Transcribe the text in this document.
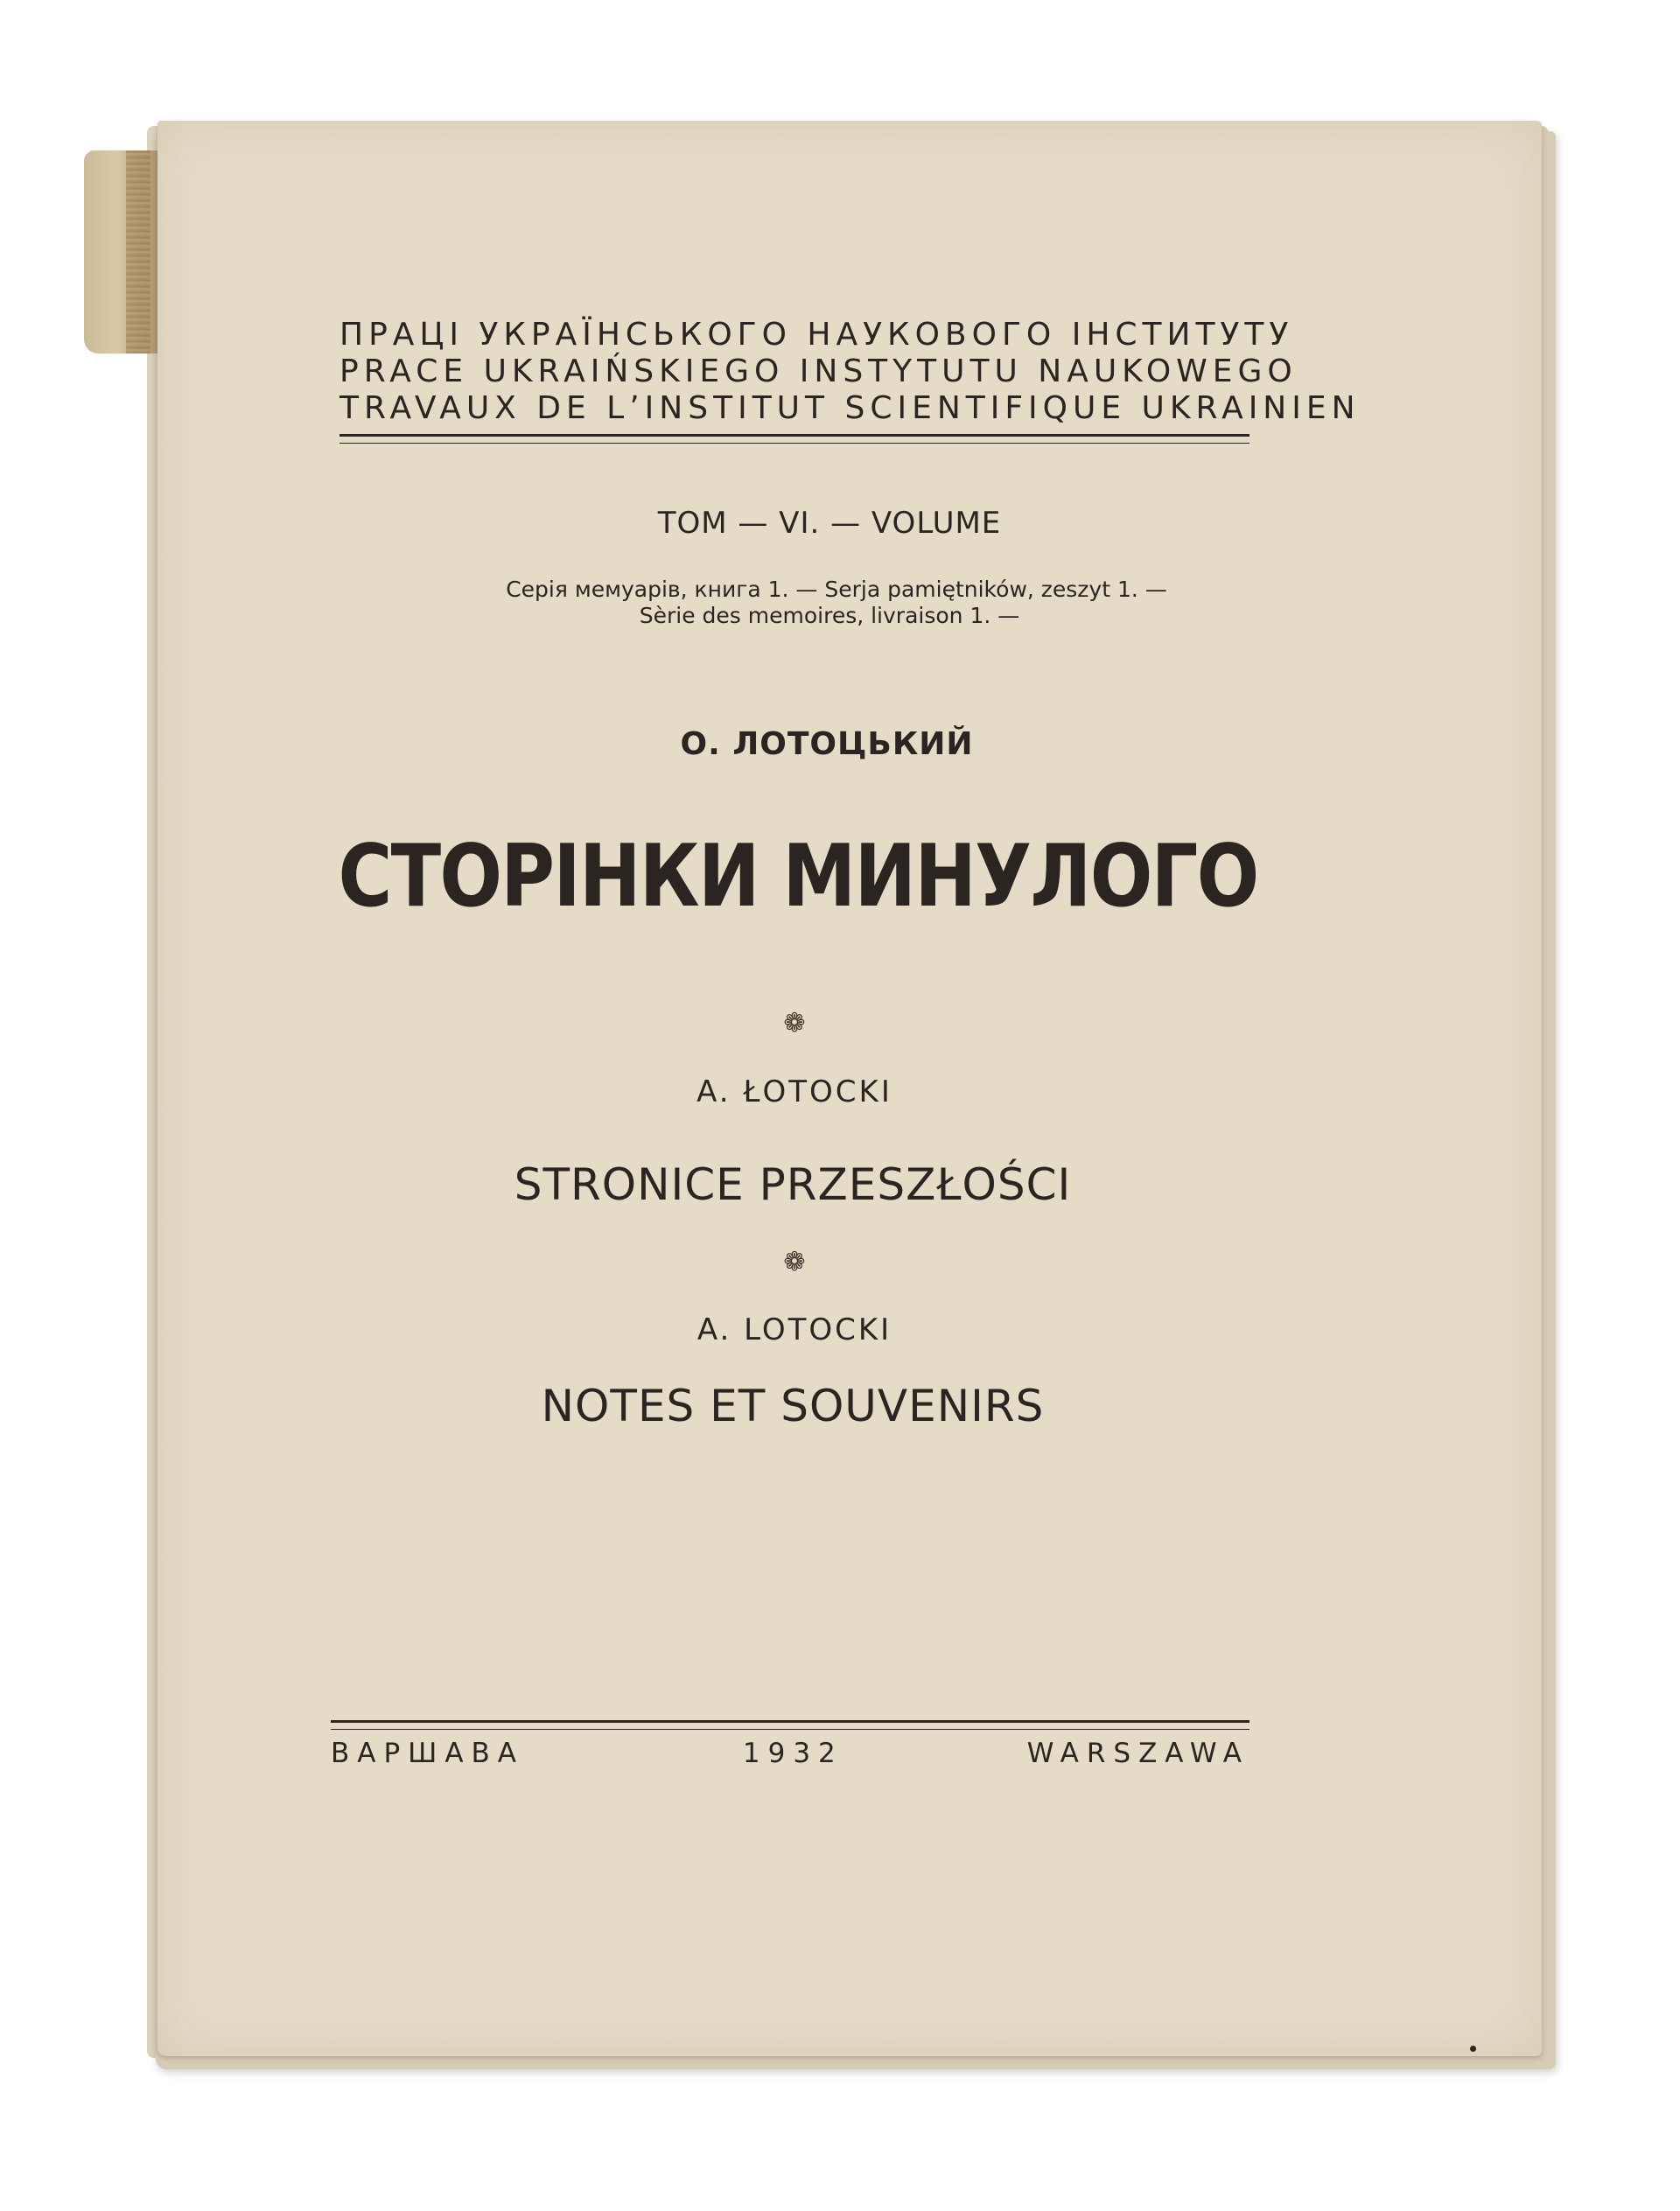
ПРАЦІ УКРАЇНСЬКОГО НАУКОВОГО ІНСТИТУТУ
PRACE UKRAIŃSKIEGO INSTYTUTU NAUKOWEGO
TRAVAUX DE L’INSTITUT SCIENTIFIQUE UKRAINIEN
ТОМ — VI. — VOLUME
Серія мемуарів, книга 1. — Serja pamiętników, zeszyt 1. —
Sèrie des memoires, livraison 1. —
О. ЛОТОЦЬКИЙ
СТОРІНКИ МИНУЛОГО
❁
A. ŁOTOCKI
STRONICE PRZESZŁOŚCI
❁
A. LOTOCKI
NOTES ET SOUVENIRS
ВАРШАВА	1932	WARSZAWA
